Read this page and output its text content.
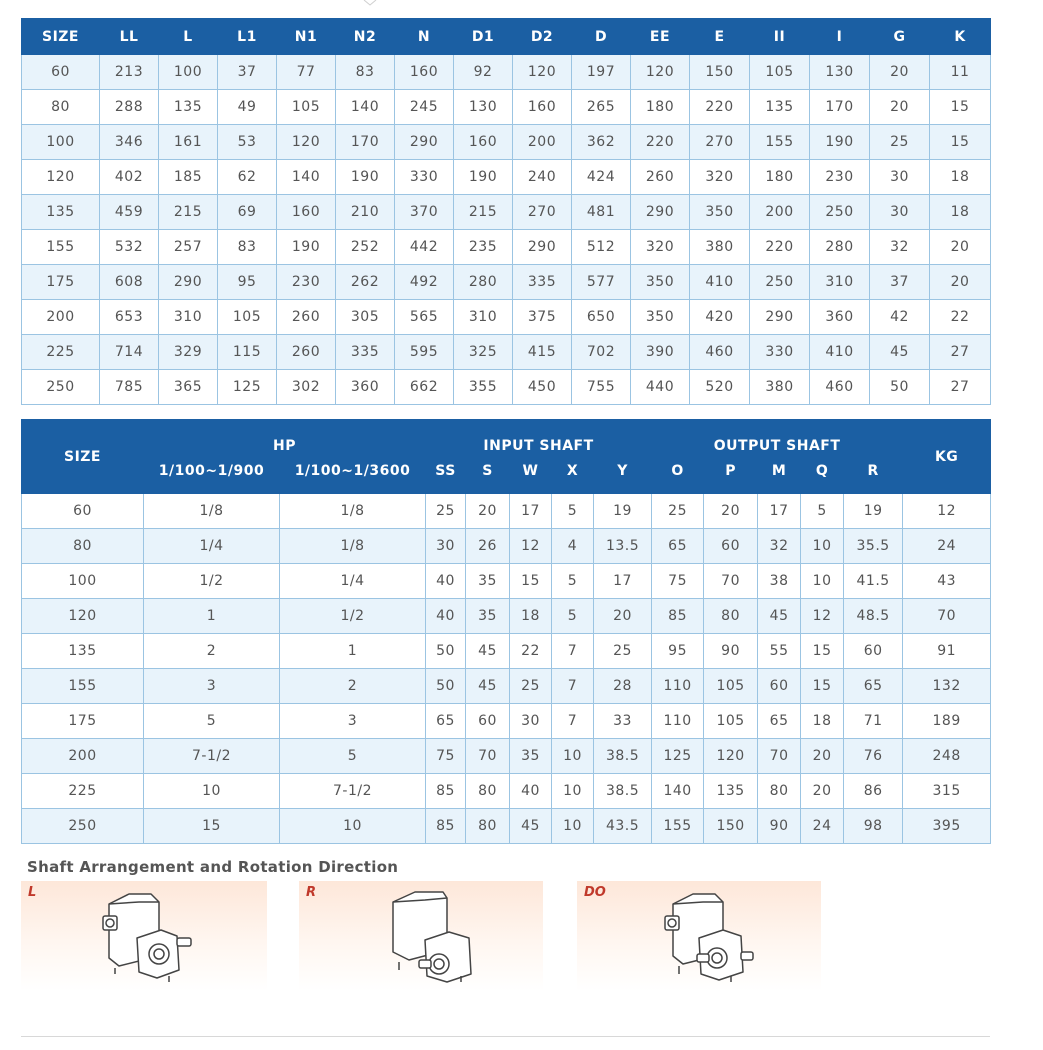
SIZE	LL	L	L1	N1	N2	N	D1	D2	D	EE	E	II	I	G	K
60	213	100	37	77	83	160	92	120	197	120	150	105	130	20	11
80	288	135	49	105	140	245	130	160	265	180	220	135	170	20	15
100	346	161	53	120	170	290	160	200	362	220	270	155	190	25	15
120	402	185	62	140	190	330	190	240	424	260	320	180	230	30	18
135	459	215	69	160	210	370	215	270	481	290	350	200	250	30	18
155	532	257	83	190	252	442	235	290	512	320	380	220	280	32	20
175	608	290	95	230	262	492	280	335	577	350	410	250	310	37	20
200	653	310	105	260	305	565	310	375	650	350	420	290	360	42	22
225	714	329	115	260	335	595	325	415	702	390	460	330	410	45	27
250	785	365	125	302	360	662	355	450	755	440	520	380	460	50	27
SIZE	HP		INPUT SHAFT					OUTPUT SHAFT					KG
	1/100~1/900	1/100~1/3600	SS	S	W	X	Y	O	P	M	Q	R	
60	1/8	1/8	25	20	17	5	19	25	20	17	5	19	12
80	1/4	1/8	30	26	12	4	13.5	65	60	32	10	35.5	24
100	1/2	1/4	40	35	15	5	17	75	70	38	10	41.5	43
120	1	1/2	40	35	18	5	20	85	80	45	12	48.5	70
135	2	1	50	45	22	7	25	95	90	55	15	60	91
155	3	2	50	45	25	7	28	110	105	60	15	65	132
175	5	3	65	60	30	7	33	110	105	65	18	71	189
200	7-1/2	5	75	70	35	10	38.5	125	120	70	20	76	248
225	10	7-1/2	85	80	40	10	38.5	140	135	80	20	86	315
250	15	10	85	80	45	10	43.5	155	150	90	24	98	395
Shaft Arrangement and Rotation Direction
L	R	DO
